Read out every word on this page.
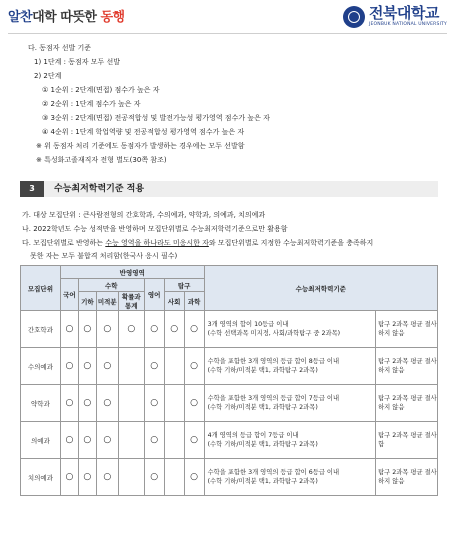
알찬대학 따뜻한 동행	전북대학교
JEONBUK NATIONAL UNIVERSITY
다. 동점자 선발 기준
1) 1단계 : 동점자 모두 선발
2) 2단계
① 1순위 : 2단계(면접) 점수가 높은 자
② 2순위 : 1단계 점수가 높은 자
③ 3순위 : 2단계(면접) 전공적합성 및 발전가능성 평가영역 점수가 높은 자
④ 4순위 : 1단계 학업역량 및 전공적합성 평가영역 점수가 높은 자
※ 위 동점자 처리 기준에도 동점자가 발생하는 경우에는 모두 선발함
※ 특성화고졸재직자 전형 별도(30쪽 참조)
3	수능최저학력기준 적용
가. 대상 모집단위 : 큰사람전형의 간호학과, 수의예과, 약학과, 의예과, 치의예과
나. 2022학년도 수능 성적만을 반영하며 모집단위별로 수능최저학력기준으로만 활용함
다. 모집단위별로 반영하는 수능 영역을 하나라도 미응시한 자와 모집단위별로 지정한 수능최저학력기준을 충족하지
못한 자는 모두 불합격 처리함(한국사 응시 필수)
모집단위	반영영역							수능최저학력기준	
	국어	수학			영어	탐구			
		기하	미적분	확률과통계		사회	과학		
간호학과	○	○	○	○	○	○	○	3개 영역의 합이 10등급 이내
(수학 선택과목 미지정, 사회/과학탐구 중 2과목)	탐구 2과목 평균 절사하지 않음
수의예과	○	○	○		○		○	수학을 포함한 3개 영역의 등급 합이 8등급 이내
(수학 기하/미적분 택1, 과학탐구 2과목)	탐구 2과목 평균 절사하지 않음
약학과	○	○	○		○		○	수학을 포함한 3개 영역의 등급 합이 7등급 이내
(수학 기하/미적분 택1, 과학탐구 2과목)	탐구 2과목 평균 절사하지 않음
의예과	○	○	○		○		○	4개 영역의 등급 합이 7등급 이내
(수학 기하/미적분 택1, 과학탐구 2과목)	탐구 2과목 평균 절사함
치의예과	○	○	○		○		○	수학을 포함한 3개 영역의 등급 합이 6등급 이내
(수학 기하/미적분 택1, 과학탐구 2과목)	탐구 2과목 평균 절사하지 않음
